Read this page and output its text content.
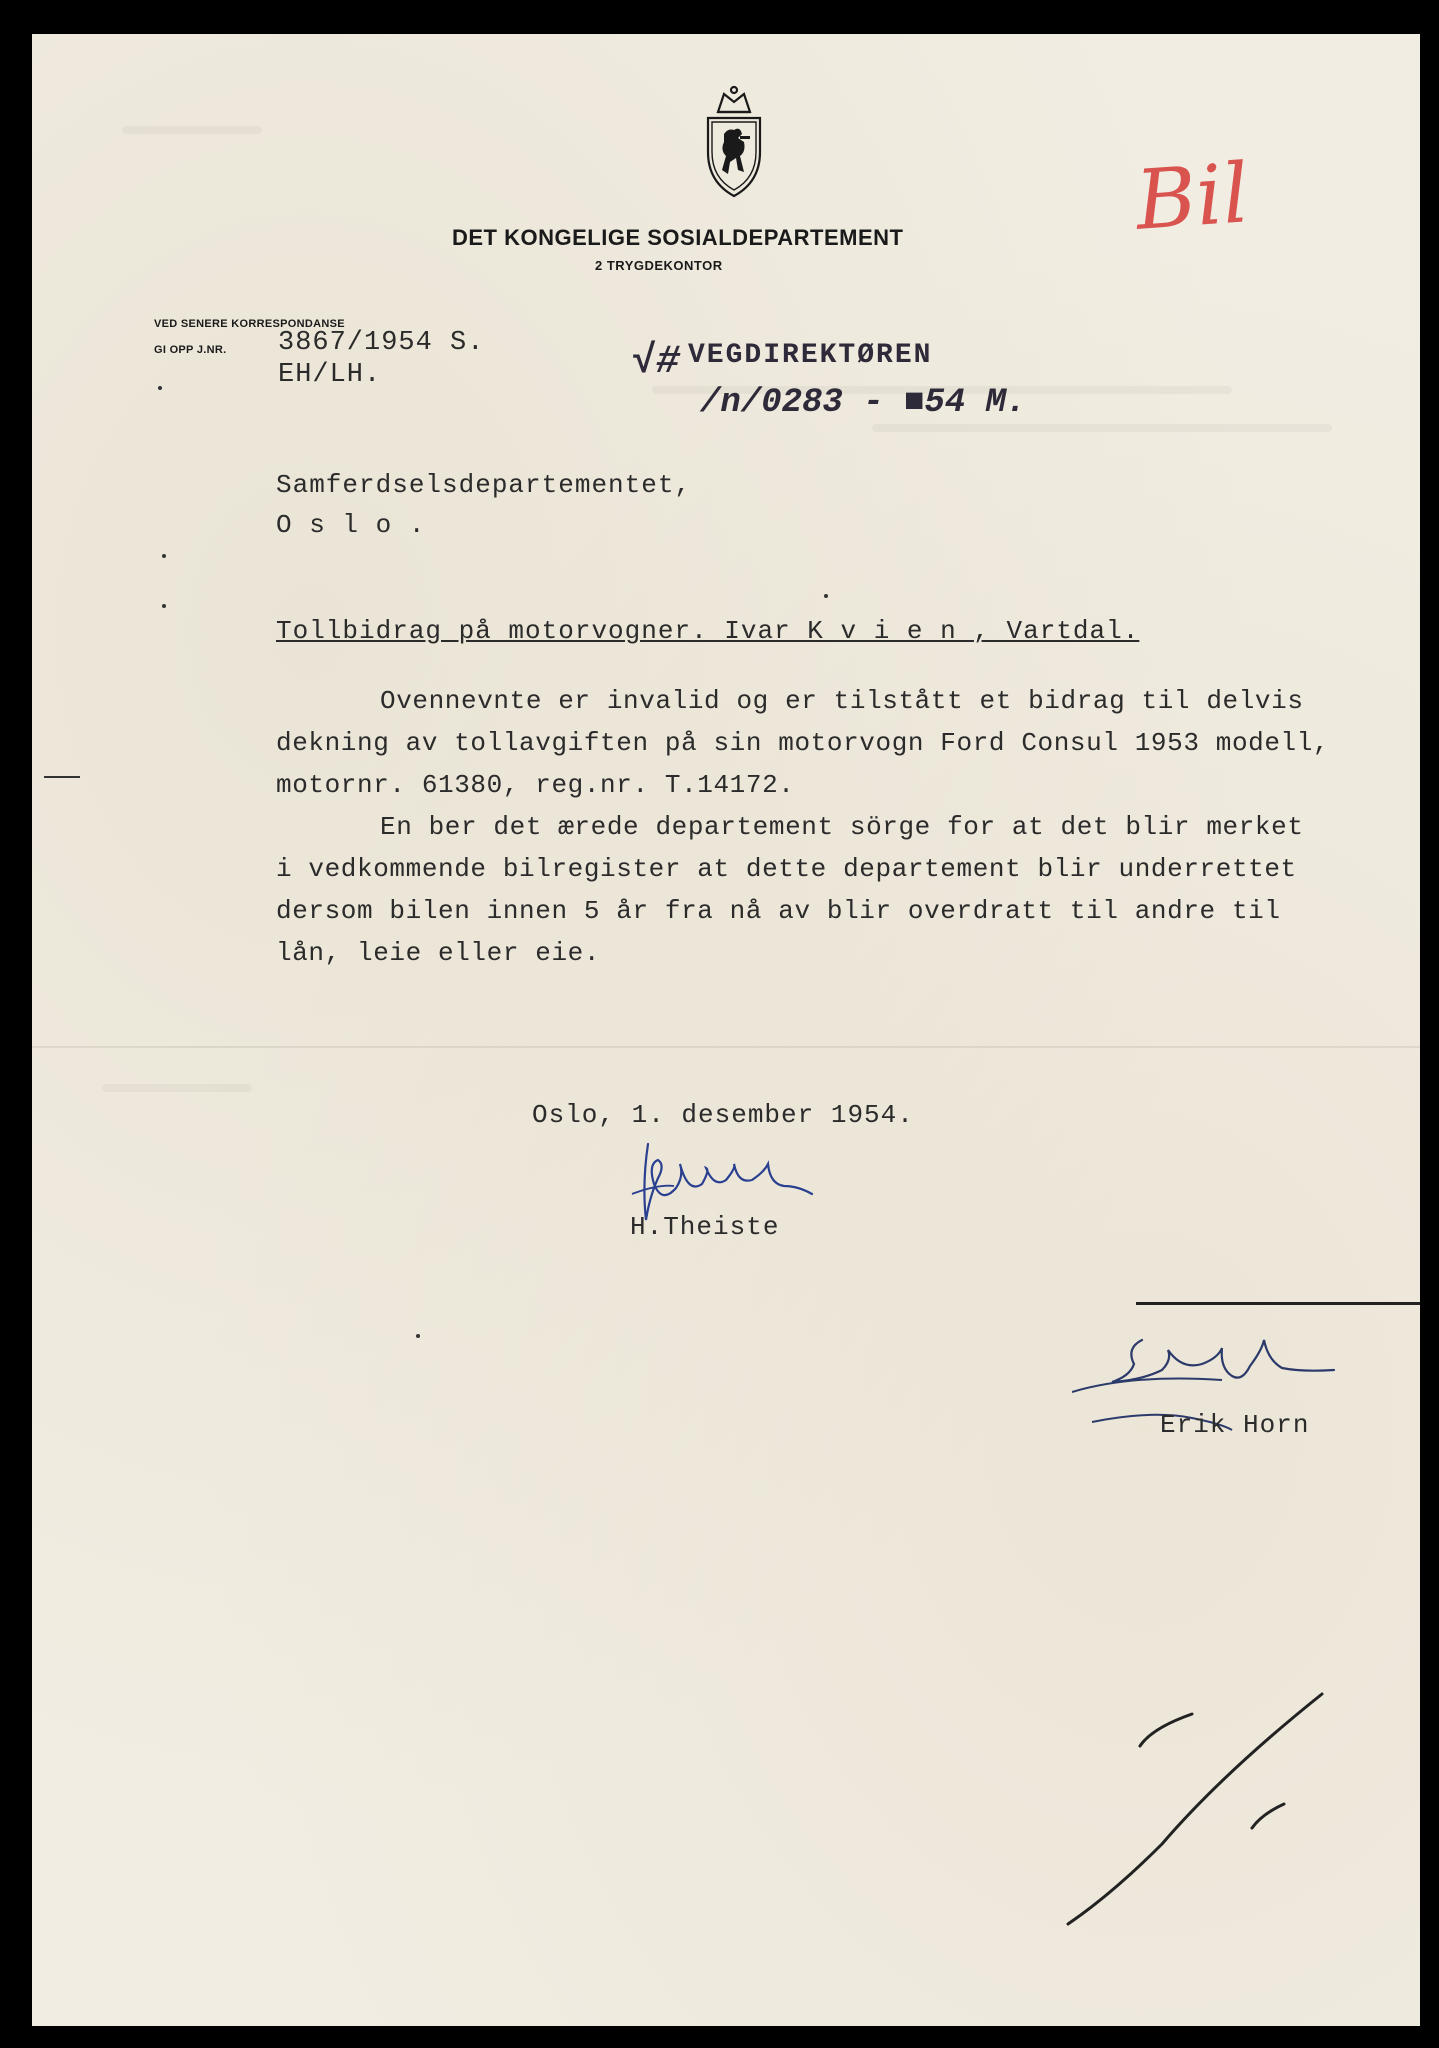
DET KONGELIGE SOSIALDEPARTEMENT
2 TRYGDEKONTOR
Bil
VED SENERE KORRESPONDANSE
GI OPP J.NR. 3867/1954 S.
EH/LH.	√# VEGDIREKTØREN
/n/0283 - ■54 M.
Samferdselsdepartementet,
O s l o .
Tollbidrag på motorvogner. Ivar K v i e n , Vartdal.
Ovennevnte er invalid og er tilstått et bidrag til delvis
dekning av tollavgiften på sin motorvogn Ford Consul 1953 modell,
motornr. 61380, reg.nr. T.14172.
En ber det ærede departement sörge for at det blir merket
i vedkommende bilregister at dette departement blir underrettet
dersom bilen innen 5 år fra nå av blir overdratt til andre til
lån, leie eller eie.
Oslo, 1. desember 1954.
H.Theiste
Erik Horn
